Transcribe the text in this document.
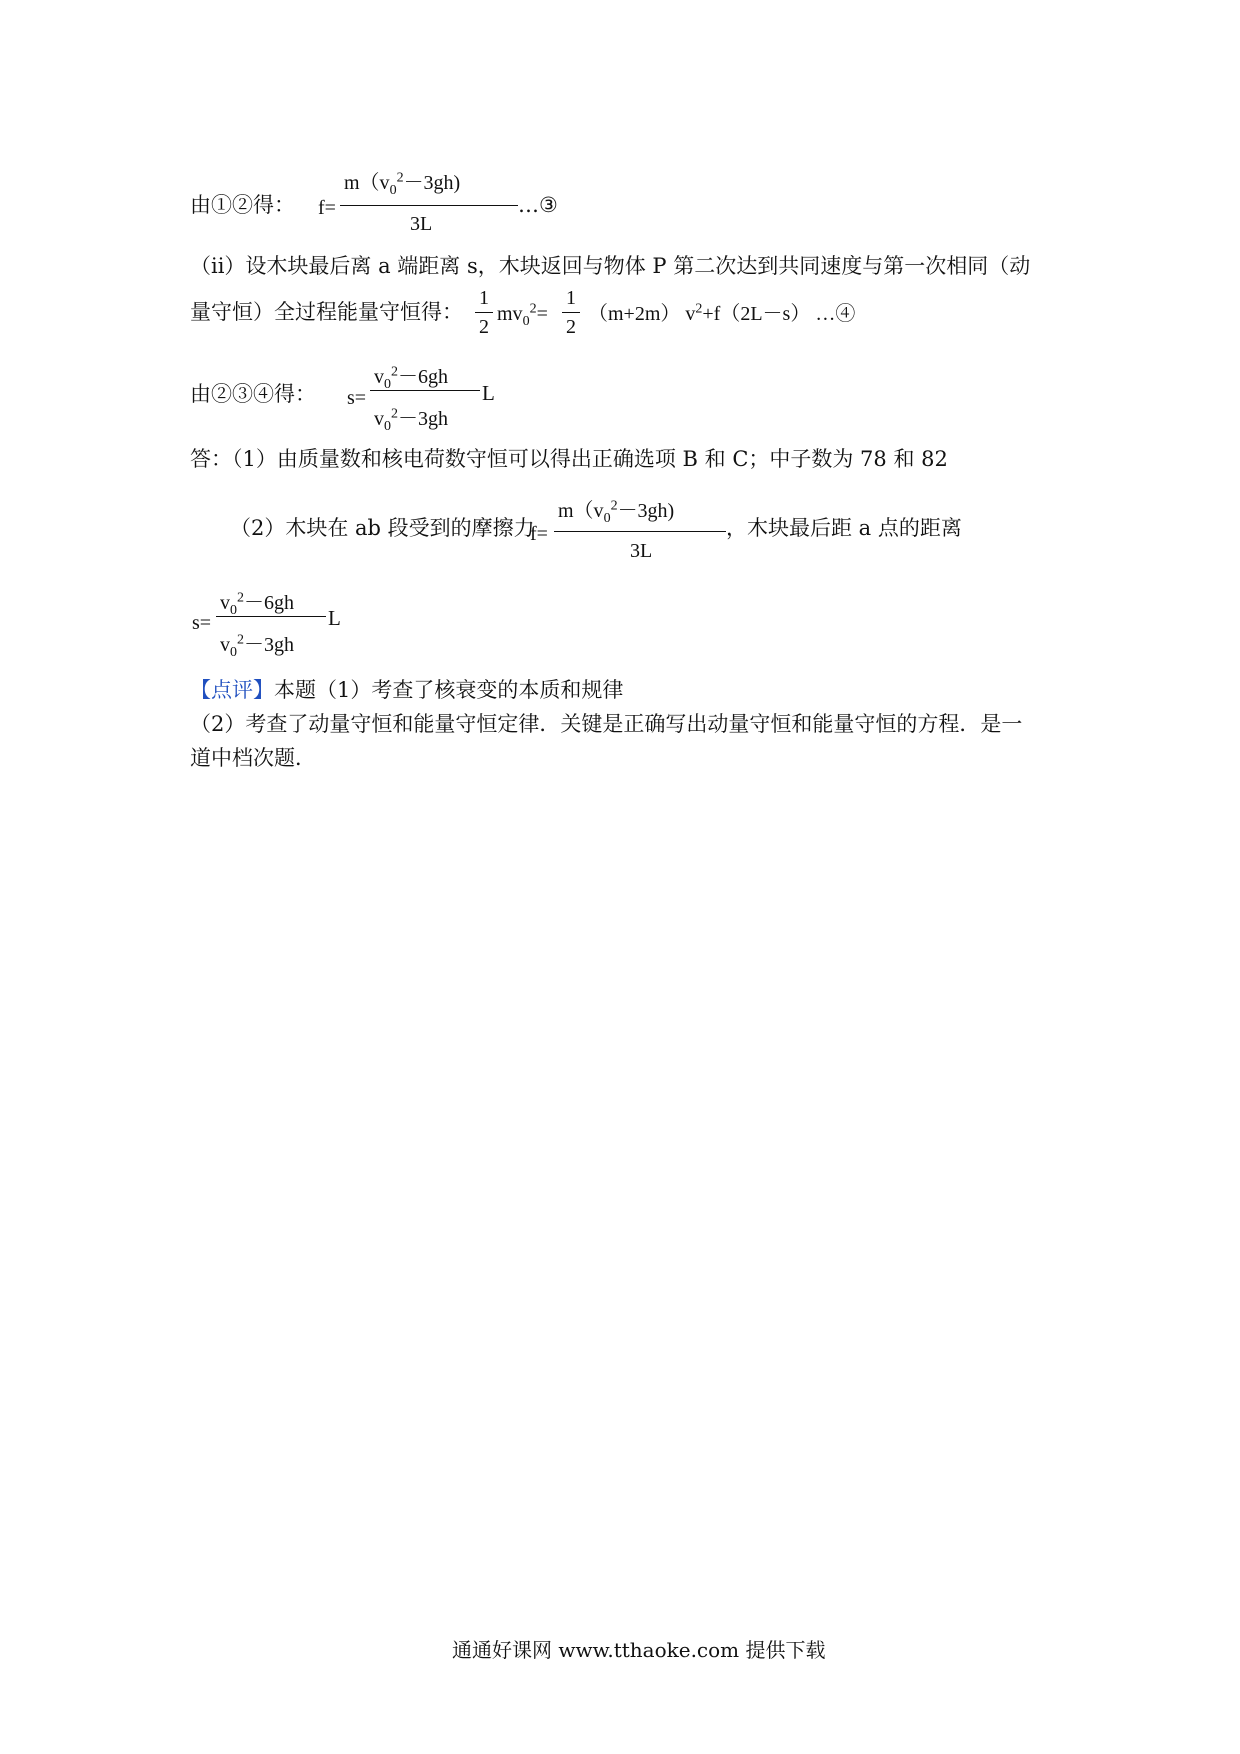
由①②得： f=
$m(v_0^2-3gh)$
3L
…③
（ii）设木块最后离 a 端距离 s，木块返回与物体 P 第二次达到共同速度与第一次相同（动
量守恒）全过程能量守恒得：
1
2
$mv_0^2=$
1
2
（m+2m） $v^2+f(2L-s)$ …④
由②③④得： s=
$v_0^2-6gh$
$v_0^2-3gh$
L
答：（1）由质量数和核电荷数守恒可以得出正确选项 B 和 C；中子数为 78 和 82
（2）木块在 ab 段受到的摩擦力
f=
$m(v_0^2-3gh)$
3L
，木块最后距 a 点的距离
s=
$v_0^2-6gh$
$v_0^2-3gh$
L
【点评】本题（1）考查了核衰变的本质和规律
（2）考查了动量守恒和能量守恒定律．关键是正确写出动量守恒和能量守恒的方程．是一
道中档次题．
通通好课网 www.tthaoke.com 提供下载
